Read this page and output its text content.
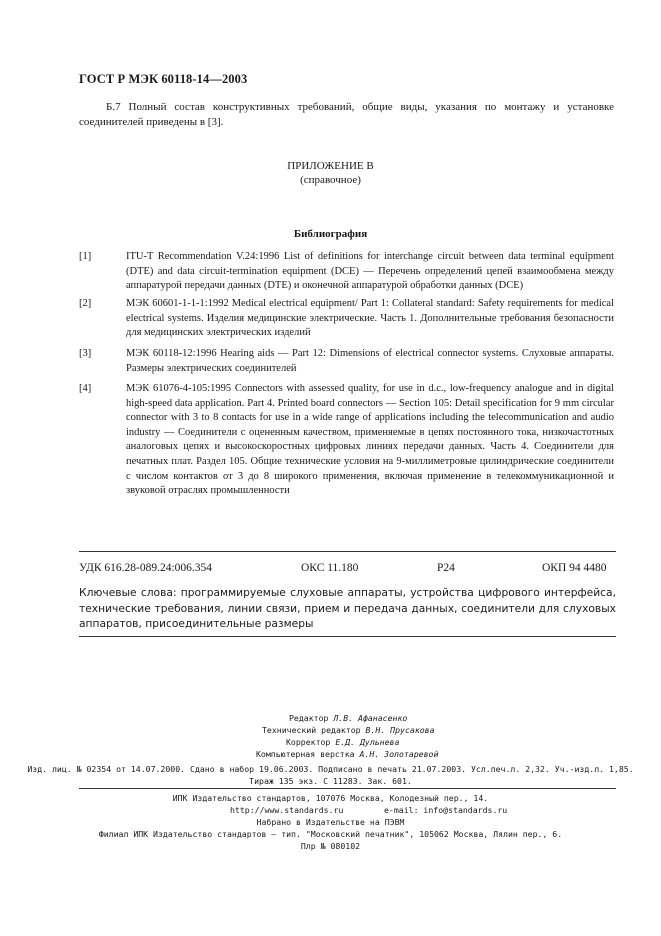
ГОСТ Р МЭК 60118-14—2003
Б.7 Полный состав конструктивных требований, общие виды, указания по монтажу и установке соединителей приведены в [3].
ПРИЛОЖЕНИЕ В
(справочное)
Библиография
[1]	ITU-T Recommendation V.24:1996 List of definitions for interchange circuit between data terminal equipment (DTE) and data circuit-termination equipment (DCE) — Перечень определений цепей взаимообмена между аппаратурой передачи данных (DTE) и оконечной аппаратурой обработки данных (DCE)
[2]	МЭК 60601-1-1-1:1992 Medical electrical equipment/ Part 1: Collateral standard: Safety requirements for medical electrical systems. Изделия медицинские электрические. Часть 1. Дополнительные требования безопасности для медицинских электрических изделий
[3]	МЭК 60118-12:1996 Hearing aids — Part 12: Dimensions of electrical connector systems. Слуховые аппараты. Размеры электрических соединителей
[4]	МЭК 61076-4-105:1995 Connectors with assessed quality, for use in d.c., low-frequency analogue and in digital high-speed data application. Part 4. Printed board connectors — Section 105: Detail specification for 9 mm circular connector with 3 to 8 contacts for use in a wide range of applications including the telecommunication and audio industry — Соединители с оцененным качеством, применяемые в цепях постоянного тока, низкочастотных аналоговых цепях и высокоскоростных цифровых линиях передачи данных. Часть 4. Соединители для печатных плат. Раздел 105. Общие технические условия на 9-миллиметровые цилиндрические соединители с числом контактов от 3 до 8 широкого применения, включая применение в телекоммуникационной и звуковой отраслях промышленности
УДК 616.28-089.24:006.354	ОКС 11.180	Р24	ОКП 94 4480
Ключевые слова: программируемые слуховые аппараты, устройства цифрового интерфейса, технические требования, линии связи, прием и передача данных, соединители для слуховых аппаратов, присоединительные размеры
Редактор Л.В. Афанасенко
Технический редактор В.Н. Прусакова
Корректор Е.Д. Дульнева
Компьютерная верстка А.Н. Золотаревой
Изд. лиц. № 02354 от 14.07.2000. Сдано в набор 19.06.2003. Подписано в печать 21.07.2003. Усл.печ.л. 2,32. Уч.-изд.л. 1,85.
Тираж 135 экз. С 11283. Зак. 601.
ИПК Издательство стандартов, 107076 Москва, Колодезный пер., 14.
http://www.standards.ru	e-mail: info@standards.ru
Набрано в Издательстве на ПЭВМ
Филиал ИПК Издательство стандартов — тип. "Московский печатник", 105062 Москва, Лялин пер., 6.
Плр № 080102
